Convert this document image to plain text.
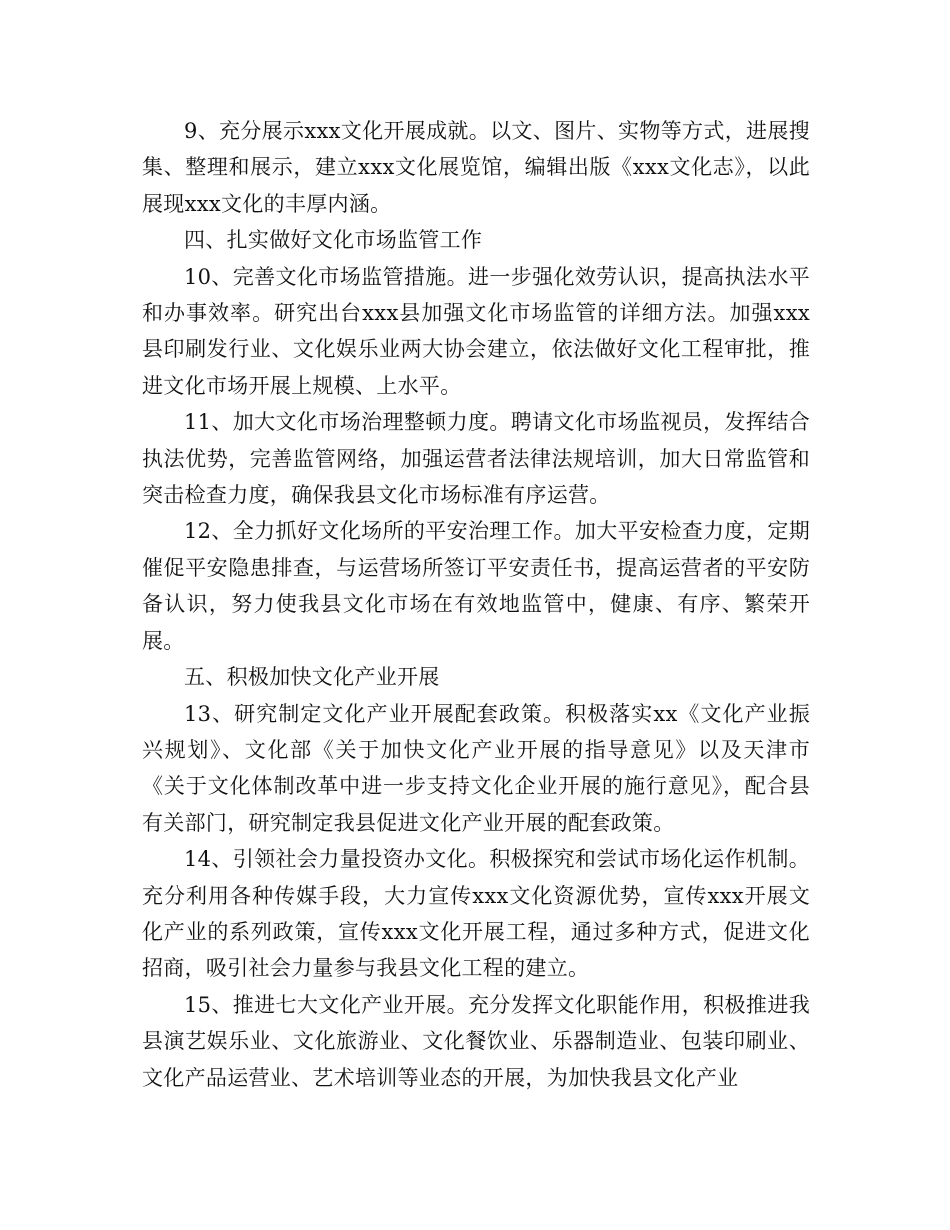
9、充分展示xxx文化开展成就。以文、图片、实物等方式，进展搜集、整理和展示，建立xxx文化展览馆，编辑出版《xxx文化志》，以此展现xxx文化的丰厚内涵。

四、扎实做好文化市场监管工作

10、完善文化市场监管措施。进一步强化效劳认识，提高执法水平和办事效率。研究出台xxx县加强文化市场监管的详细方法。加强xxx县印刷发行业、文化娱乐业两大协会建立，依法做好文化工程审批，推进文化市场开展上规模、上水平。

11、加大文化市场治理整顿力度。聘请文化市场监视员，发挥结合执法优势，完善监管网络，加强运营者法律法规培训，加大日常监管和突击检查力度，确保我县文化市场标准有序运营。

12、全力抓好文化场所的平安治理工作。加大平安检查力度，定期催促平安隐患排查，与运营场所签订平安责任书，提高运营者的平安防备认识，努力使我县文化市场在有效地监管中，健康、有序、繁荣开展。

五、积极加快文化产业开展

13、研究制定文化产业开展配套政策。积极落实xx《文化产业振兴规划》、文化部《关于加快文化产业开展的指导意见》以及天津市《关于文化体制改革中进一步支持文化企业开展的施行意见》，配合县有关部门，研究制定我县促进文化产业开展的配套政策。

14、引领社会力量投资办文化。积极探究和尝试市场化运作机制。充分利用各种传媒手段，大力宣传xxx文化资源优势，宣传xxx开展文化产业的系列政策，宣传xxx文化开展工程，通过多种方式，促进文化招商，吸引社会力量参与我县文化工程的建立。

15、推进七大文化产业开展。充分发挥文化职能作用，积极推进我县演艺娱乐业、文化旅游业、文化餐饮业、乐器制造业、包装印刷业、文化产品运营业、艺术培训等业态的开展，为加快我县文化产业
